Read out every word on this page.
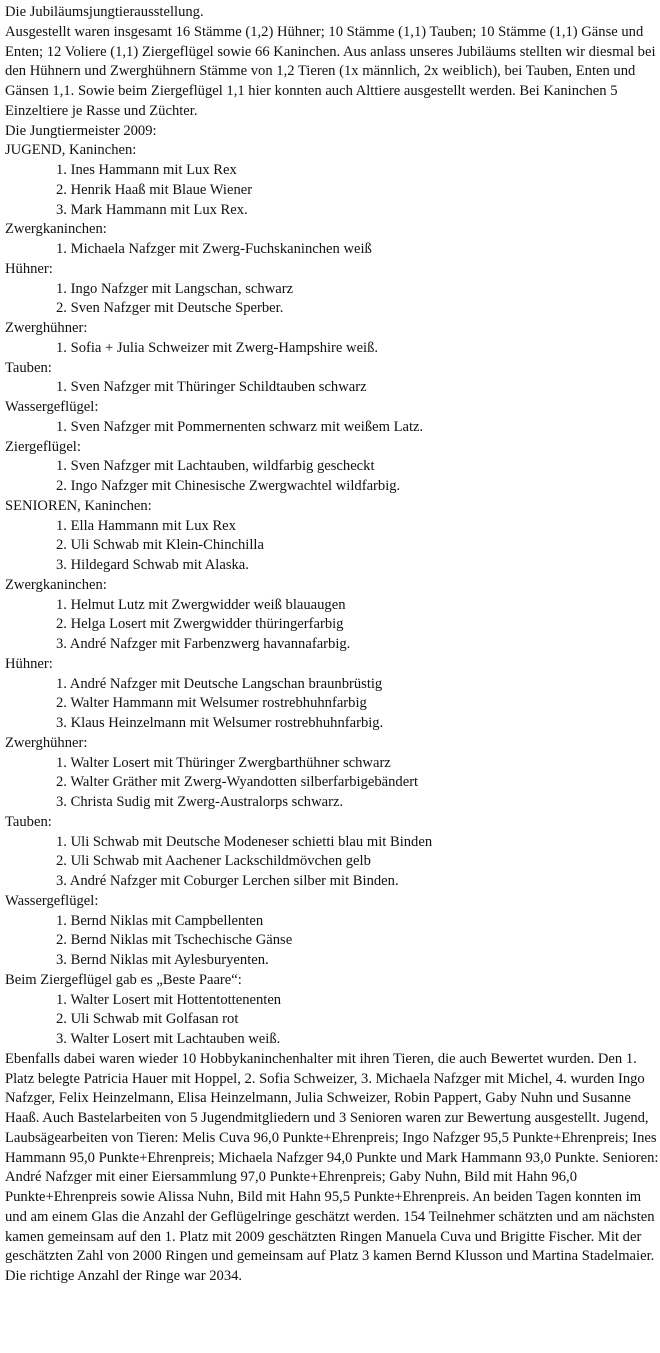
Die Jubiläumsjungtierausstellung.

Ausgestellt waren insgesamt 16 Stämme (1,2) Hühner; 10 Stämme (1,1) Tauben; 10 Stämme (1,1) Gänse und Enten; 12 Voliere (1,1) Ziergeflügel sowie 66 Kaninchen. Aus anlass unseres Jubiläums stellten wir diesmal bei den Hühnern und Zwerghühnern Stämme von 1,2 Tieren (1x männlich, 2x weiblich), bei Tauben, Enten und Gänsen 1,1. Sowie beim Ziergeflügel 1,1 hier konnten auch Alttiere ausgestellt werden. Bei Kaninchen 5 Einzeltiere je Rasse und Züchter.

Die Jungtiermeister 2009:

JUGEND, Kaninchen:

1. Ines Hammann mit Lux Rex
2. Henrik Haaß mit Blaue Wiener
3. Mark Hammann mit Lux Rex.

Zwergkaninchen:

1. Michaela Nafzger mit Zwerg-Fuchskaninchen weiß

Hühner:

1. Ingo Nafzger mit Langschan, schwarz
2. Sven Nafzger mit Deutsche Sperber.

Zwerghühner:

1. Sofia + Julia Schweizer mit Zwerg-Hampshire weiß.

Tauben:

1. Sven Nafzger mit Thüringer Schildtauben schwarz

Wassergeflügel:

1. Sven Nafzger mit Pommernenten schwarz mit weißem Latz.

Ziergeflügel:

1. Sven Nafzger mit Lachtauben, wildfarbig gescheckt
2. Ingo Nafzger mit Chinesische Zwergwachtel wildfarbig.

SENIOREN, Kaninchen:

1. Ella Hammann mit Lux Rex
2. Uli Schwab mit Klein-Chinchilla
3. Hildegard Schwab mit Alaska.

Zwergkaninchen:

1. Helmut Lutz mit Zwergwidder weiß blauaugen
2. Helga Losert mit Zwergwidder thüringerfarbig
3. André Nafzger mit Farbenzwerg havannafarbig.

Hühner:

1. André Nafzger mit Deutsche Langschan braunbrüstig
2. Walter Hammann mit Welsumer rostrebhuhnfarbig
3. Klaus Heinzelmann mit Welsumer rostrebhuhnfarbig.

Zwerghühner:

1. Walter Losert mit Thüringer Zwergbarthühner schwarz
2. Walter Gräther mit Zwerg-Wyandotten silberfarbigebändert
3. Christa Sudig mit Zwerg-Australorps schwarz.

Tauben:

1. Uli Schwab mit Deutsche Modeneser schietti blau mit Binden
2. Uli Schwab mit Aachener Lackschildmövchen gelb
3. André Nafzger mit Coburger Lerchen silber mit Binden.

Wassergeflügel:

1. Bernd Niklas mit Campbellenten
2. Bernd Niklas mit Tschechische Gänse
3. Bernd Niklas mit Aylesburyenten.

Beim Ziergeflügel gab es „Beste Paare“:

1. Walter Losert mit Hottentottenenten
2. Uli Schwab mit Golfasan rot
3. Walter Losert mit Lachtauben weiß.

Ebenfalls dabei waren wieder 10 Hobbykaninchenhalter mit ihren Tieren, die auch Bewertet wurden. Den 1. Platz belegte Patricia Hauer mit Hoppel, 2. Sofia Schweizer, 3. Michaela Nafzger mit Michel, 4. wurden Ingo Nafzger, Felix Heinzelmann, Elisa Heinzelmann, Julia Schweizer, Robin Pappert, Gaby Nuhn und Susanne Haaß. Auch Bastelarbeiten von 5 Jugendmitgliedern und 3 Senioren waren zur Bewertung ausgestellt. Jugend, Laubsägearbeiten von Tieren: Melis Cuva 96,0 Punkte+Ehrenpreis; Ingo Nafzger 95,5 Punkte+Ehrenpreis; Ines Hammann 95,0 Punkte+Ehrenpreis; Michaela Nafzger 94,0 Punkte und Mark Hammann 93,0 Punkte. Senioren: André Nafzger mit einer Eiersammlung 97,0 Punkte+Ehrenpreis; Gaby Nuhn, Bild mit Hahn 96,0 Punkte+Ehrenpreis sowie Alissa Nuhn, Bild mit Hahn 95,5 Punkte+Ehrenpreis. An beiden Tagen konnten im und am einem Glas die Anzahl der Geflügelringe geschätzt werden. 154 Teilnehmer schätzten und am nächsten kamen gemeinsam auf den 1. Platz mit 2009 geschätzten Ringen Manuela Cuva und Brigitte Fischer. Mit der geschätzten Zahl von 2000 Ringen und gemeinsam auf Platz 3 kamen Bernd Klusson und Martina Stadelmaier. Die richtige Anzahl der Ringe war 2034.
